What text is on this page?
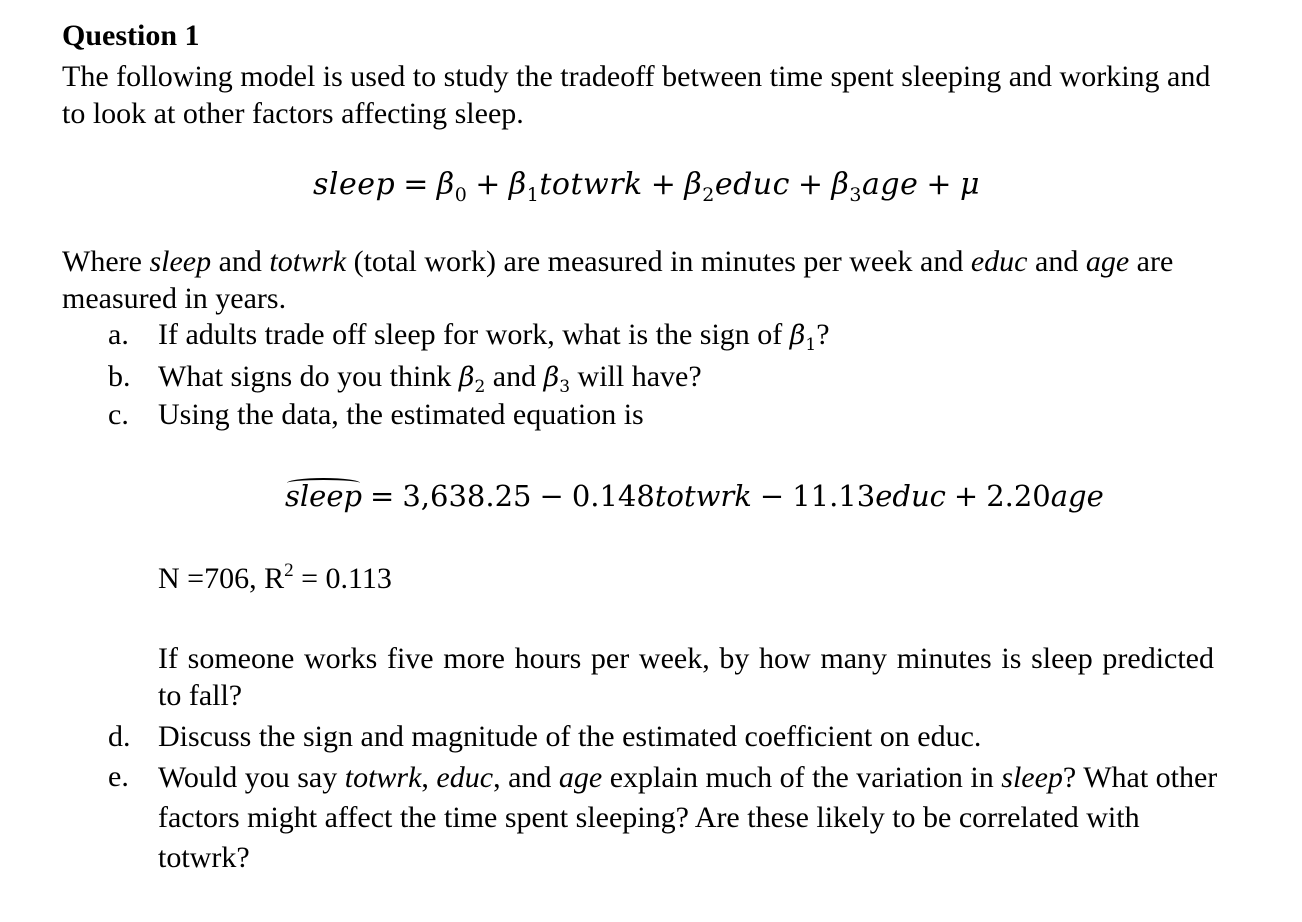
Question 1
The following model is used to study the tradeoff between time spent sleeping and working and to look at other factors affecting sleep.
sleep = $\beta_0$ + $\beta_1totwrk$ + $\beta_2educ + \beta_3age + \mu$
Where sleep and totwrk (total work) are measured in minutes per week and educ and age are measured in years.
a. If adults trade off sleep for work, what is the sign of $\beta_1$?
b. What signs do you think $\beta_2$ and $\beta_3$ will have?
c. Using the data, the estimated equation is
sleep = 3,638.25 − 0.148totwrk − 11.13educ + 2.20age
N =706, $R^2 = 0.113$
If someone works five more hours per week, by how many minutes is sleep predicted to fall?
d. Discuss the sign and magnitude of the estimated coefficient on educ.
e. Would you say totwrk, educ, and age explain much of the variation in sleep? What other factors might affect the time spent sleeping? Are these likely to be correlated with totwrk?
